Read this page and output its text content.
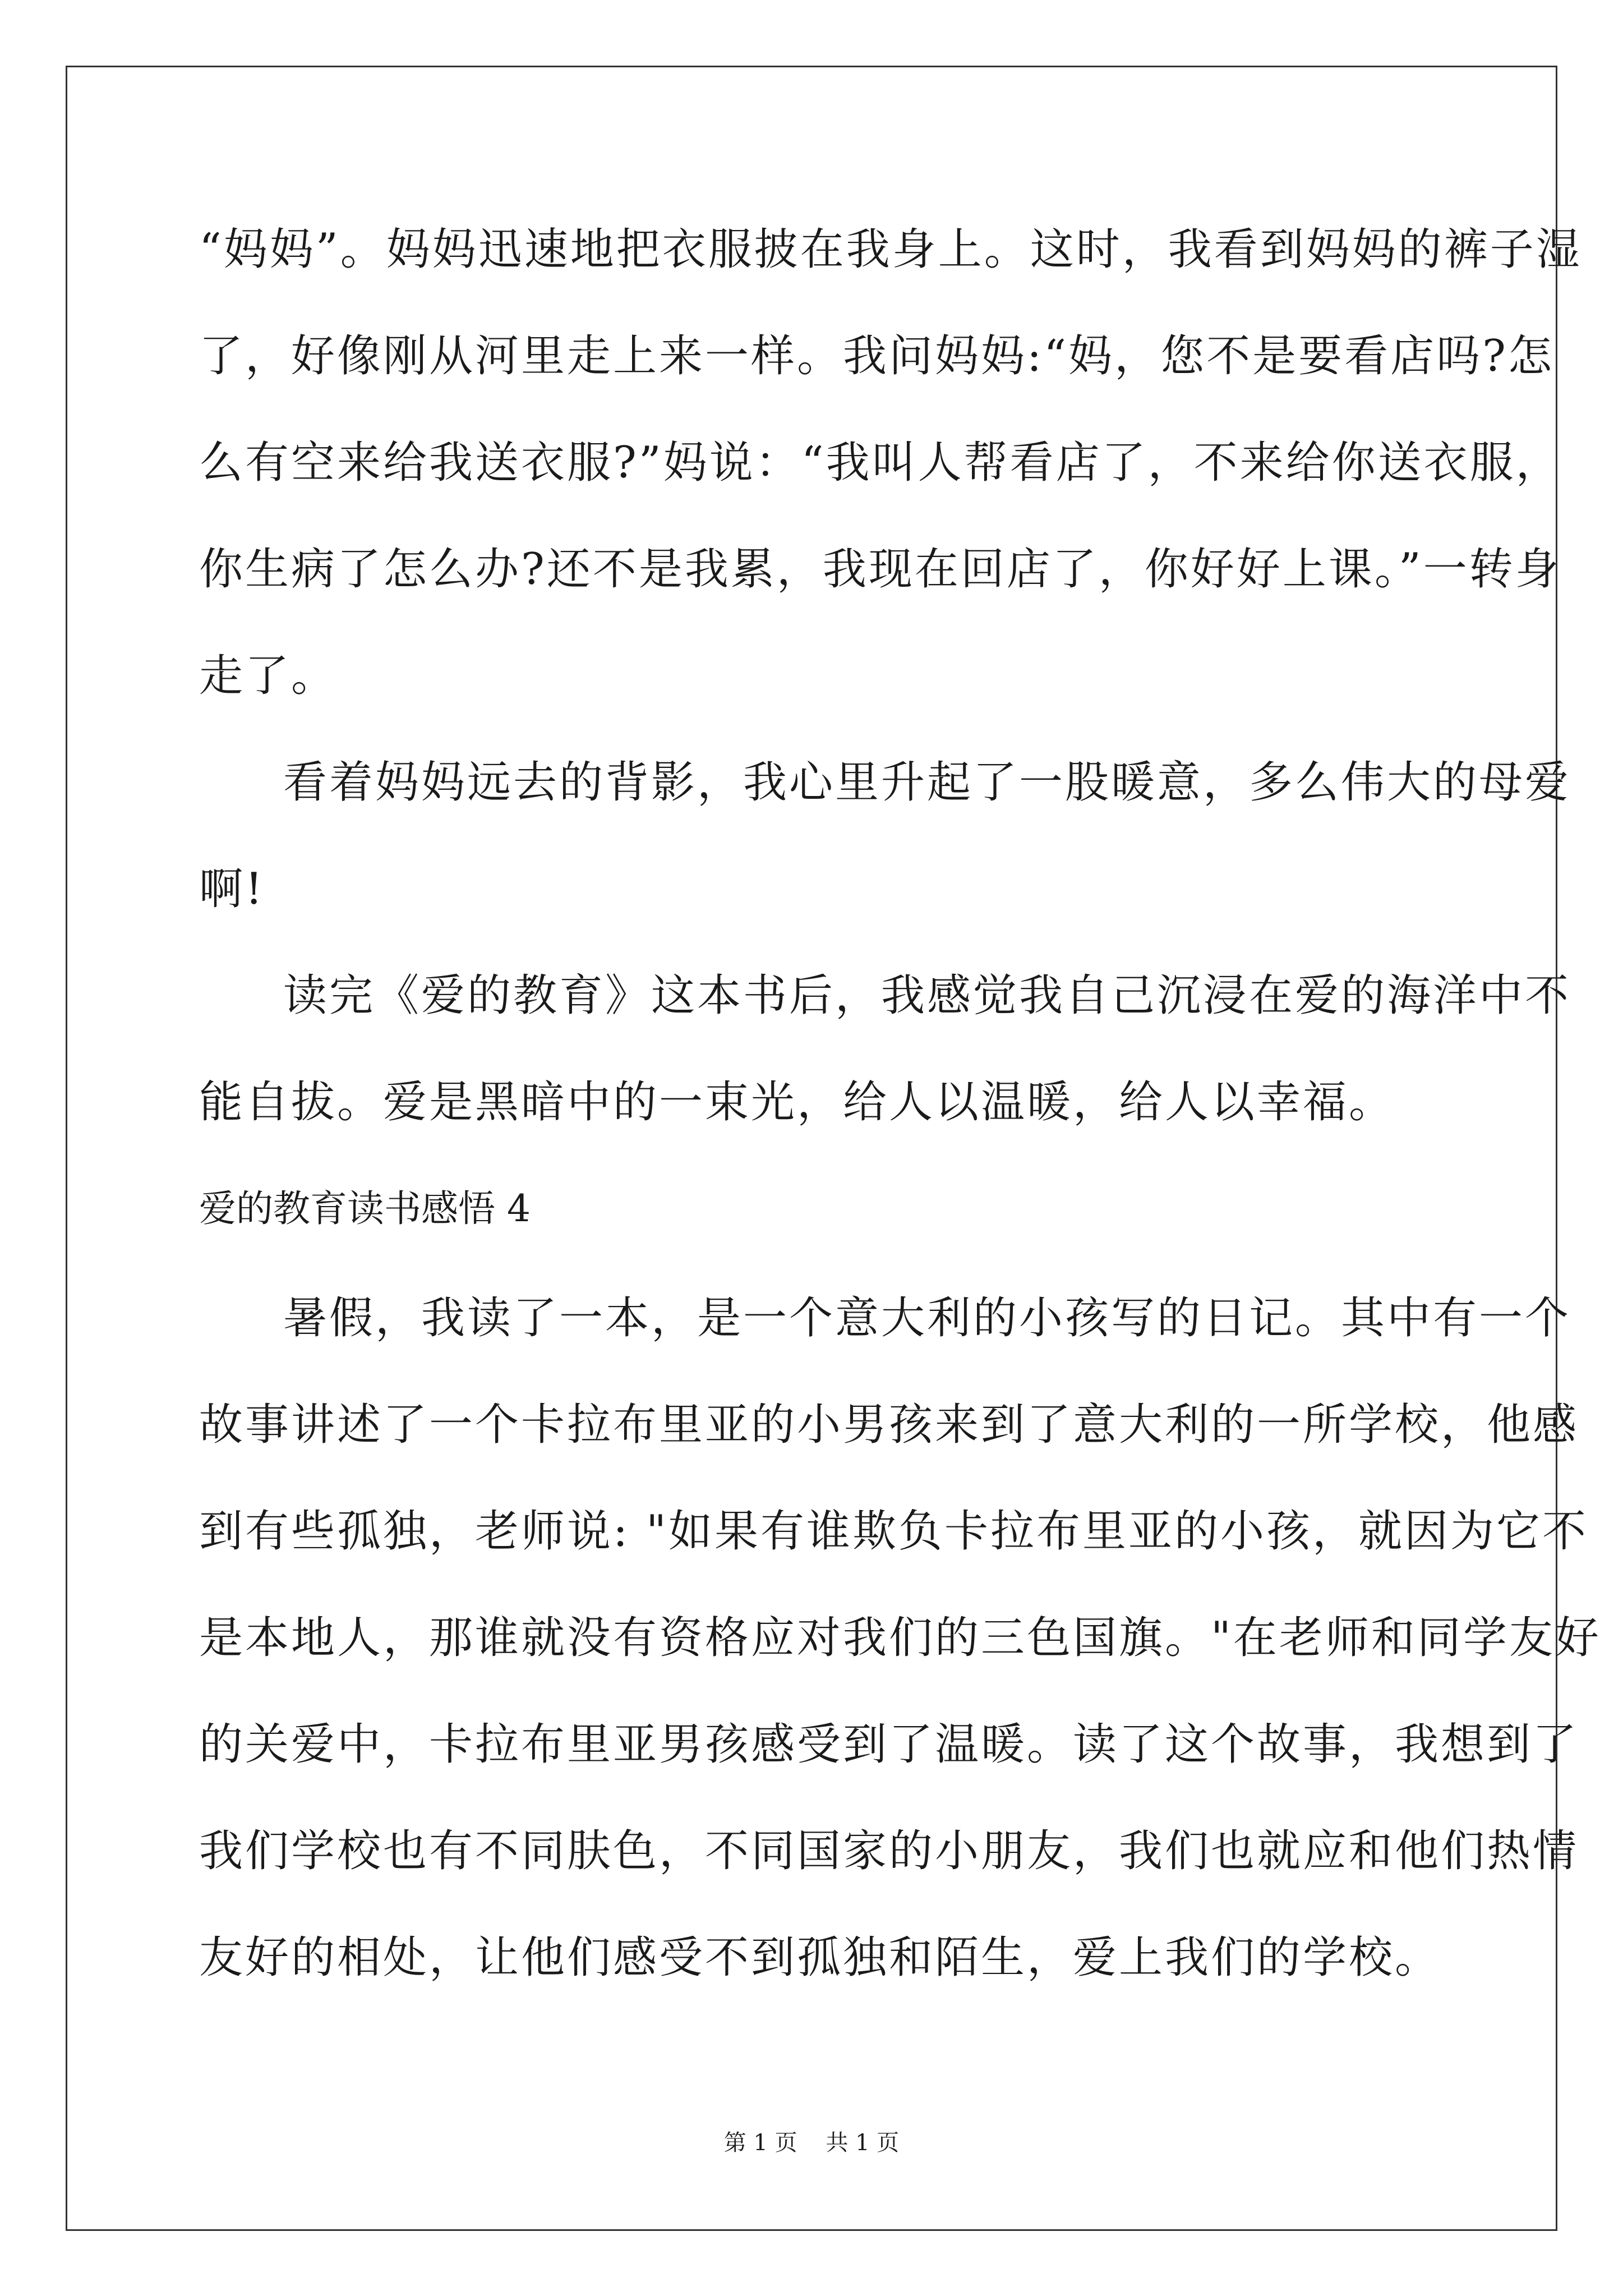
“妈妈”。妈妈迅速地把衣服披在我身上。这时，我看到妈妈的裤子湿
了，好像刚从河里走上来一样。我问妈妈:“妈，您不是要看店吗?怎
么有空来给我送衣服?”妈说：“我叫人帮看店了，不来给你送衣服，
你生病了怎么办?还不是我累，我现在回店了，你好好上课。”一转身
走了。
看着妈妈远去的背影，我心里升起了一股暖意，多么伟大的母爱
啊!
读完《爱的教育》这本书后，我感觉我自己沉浸在爱的海洋中不
能自拔。爱是黑暗中的一束光，给人以温暖，给人以幸福。
爱的教育读书感悟 4
暑假，我读了一本，是一个意大利的小孩写的日记。其中有一个
故事讲述了一个卡拉布里亚的小男孩来到了意大利的一所学校，他感
到有些孤独，老师说: "如果有谁欺负卡拉布里亚的小孩，就因为它不
是本地人，那谁就没有资格应对我们的三色国旗。"在老师和同学友好
的关爱中，卡拉布里亚男孩感受到了温暖。读了这个故事，我想到了
我们学校也有不同肤色，不同国家的小朋友，我们也就应和他们热情
友好的相处，让他们感受不到孤独和陌生，爱上我们的学校。
第 1 页    共 1 页
